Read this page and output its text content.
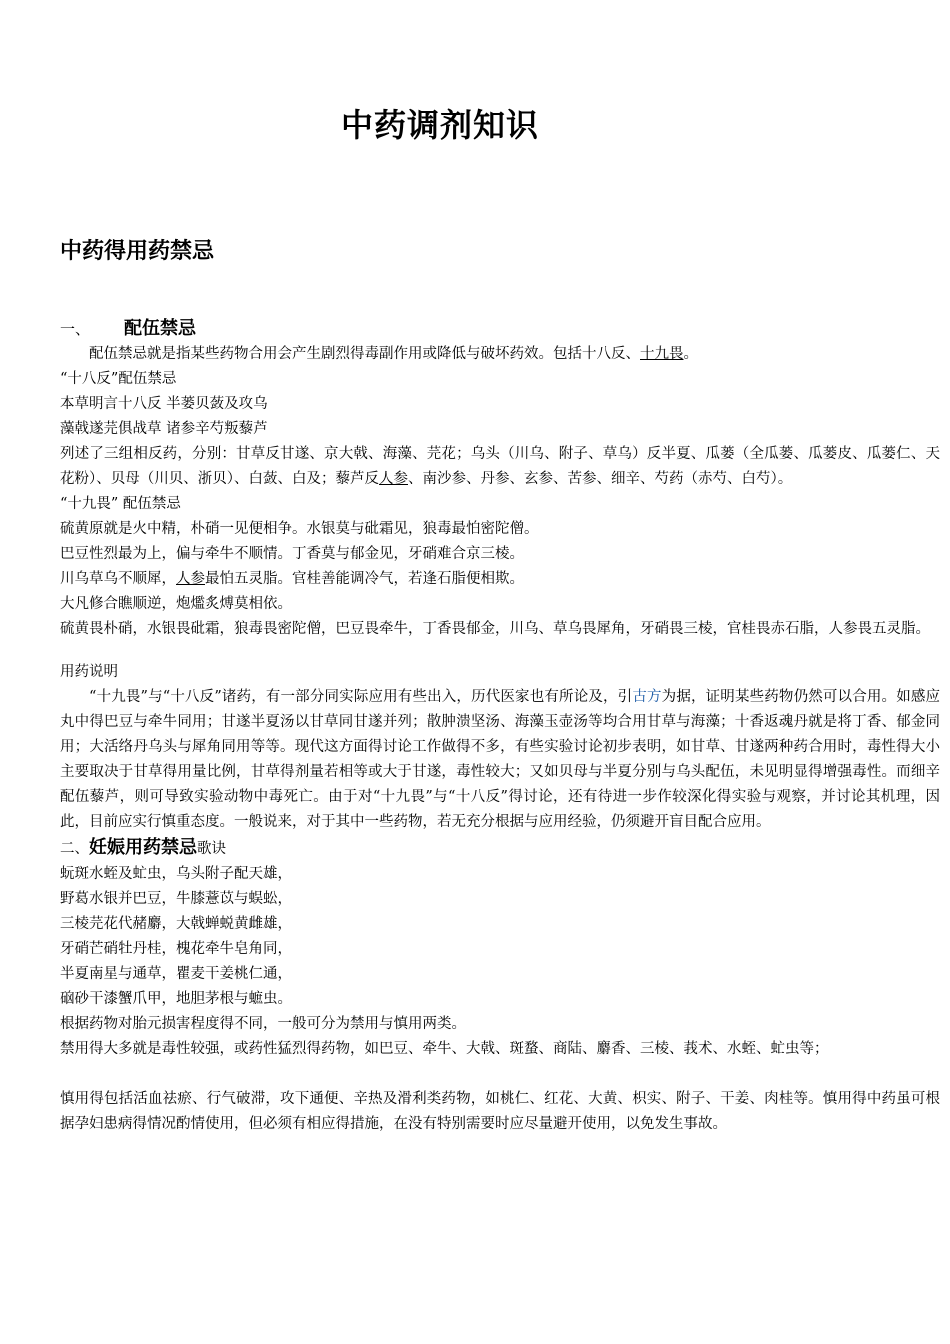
中药调剂知识
中药得用药禁忌

一、 配伍禁忌

配伍禁忌就是指某些药物合用会产生剧烈得毒副作用或降低与破坏药效。包括十八反、十九畏。

“十八反”配伍禁忌

本草明言十八反 半蒌贝蔹及攻乌

藻戟遂芫俱战草 诸参辛芍叛藜芦

列述了三组相反药，分别：甘草反甘遂、京大戟、海藻、芫花；乌头（川乌、附子、草乌）反半夏、瓜蒌（全瓜蒌、瓜蒌皮、瓜蒌仁、天花粉）、贝母（川贝、浙贝）、白蔹、白及；藜芦反人参、南沙参、丹参、玄参、苦参、细辛、芍药（赤芍、白芍）。

“十九畏” 配伍禁忌

硫黄原就是火中精，朴硝一见便相争。水银莫与砒霜见，狼毒最怕密陀僧。

巴豆性烈最为上，偏与牵牛不顺情。丁香莫与郁金见，牙硝难合京三棱。

川乌草乌不顺犀，人参最怕五灵脂。官桂善能调冷气，若逢石脂便相欺。

大凡修合瞧顺逆，炮爁炙煿莫相依。

硫黄畏朴硝，水银畏砒霜，狼毒畏密陀僧，巴豆畏牵牛，丁香畏郁金，川乌、草乌畏犀角，牙硝畏三棱，官桂畏赤石脂，人参畏五灵脂。

用药说明

“十九畏”与“十八反”诸药，有一部分同实际应用有些出入，历代医家也有所论及，引古方为据，证明某些药物仍然可以合用。如感应丸中得巴豆与牵牛同用；甘遂半夏汤以甘草同甘遂并列；散肿溃坚汤、海藻玉壶汤等均合用甘草与海藻；十香返魂丹就是将丁香、郁金同用；大活络丹乌头与犀角同用等等。现代这方面得讨论工作做得不多，有些实验讨论初步表明，如甘草、甘遂两种药合用时，毒性得大小主要取决于甘草得用量比例，甘草得剂量若相等或大于甘遂，毒性较大；又如贝母与半夏分别与乌头配伍，未见明显得增强毒性。而细辛配伍藜芦，则可导致实验动物中毒死亡。由于对“十九畏”与“十八反”得讨论，还有待进一步作较深化得实验与观察，并讨论其机理，因此，目前应实行慎重态度。一般说来，对于其中一些药物，若无充分根据与应用经验，仍须避开盲目配合应用。

二、妊娠用药禁忌歌诀

蚖斑水蛭及虻虫，乌头附子配天雄，

野葛水银并巴豆，牛膝薏苡与蜈蚣，

三棱芫花代赭麝，大戟蝉蜕黄雌雄，

牙硝芒硝牡丹桂，槐花牵牛皂角同，

半夏南星与通草，瞿麦干姜桃仁通，

硇砂干漆蟹爪甲，地胆茅根与蟅虫。

根据药物对胎元损害程度得不同，一般可分为禁用与慎用两类。

禁用得大多就是毒性较强，或药性猛烈得药物，如巴豆、牵牛、大戟、斑蝥、商陆、麝香、三棱、莪术、水蛭、虻虫等；

慎用得包括活血祛瘀、行气破滞，攻下通便、辛热及滑利类药物，如桃仁、红花、大黄、枳实、附子、干姜、肉桂等。慎用得中药虽可根据孕妇患病得情况酌情使用，但必须有相应得措施，在没有特别需要时应尽量避开使用，以免发生事故。
